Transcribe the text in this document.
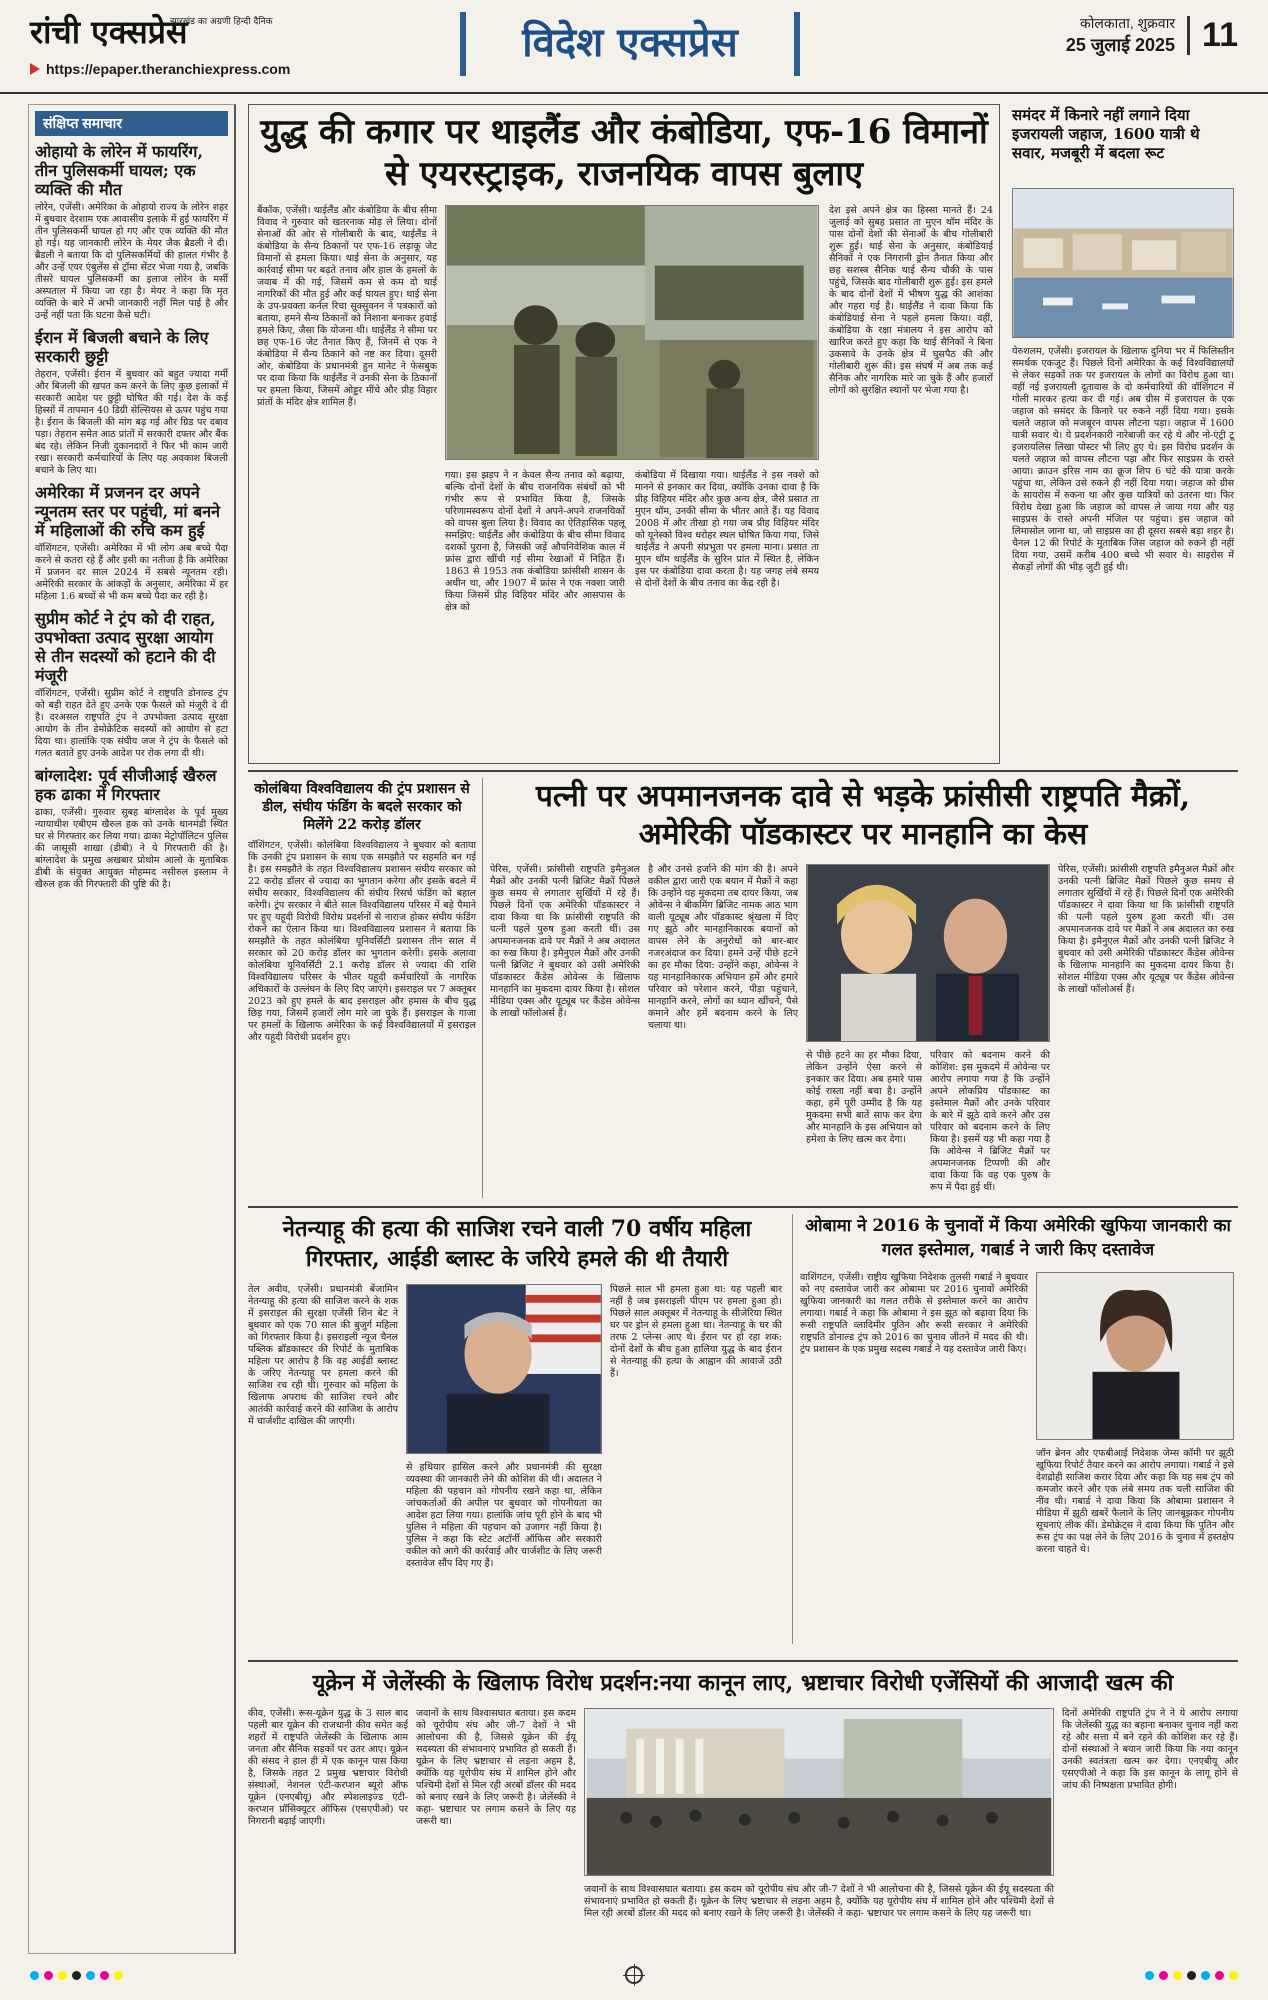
रांची एक्सप्रेस
झारखंड का अग्रणी हिन्दी दैनिक
https://epaper.theranchiexpress.com
विदेश एक्सप्रेस	कोलकाता, शुक्रवार
25 जुलाई 2025 11
संक्षिप्त समाचार
ओहायो के लोरेन में फायरिंग, तीन पुलिसकर्मी घायल; एक व्यक्ति की मौत
लोरेन, एजेंसी। अमेरिका के ओहायो राज्य के लोरेन शहर में बुधवार देरशाम एक आवासीय इलाके में हुई फायरिंग में तीन पुलिसकर्मी घायल हो गए और एक व्यक्ति की मौत हो गई। यह जानकारी लोरेन के मेयर जैक ब्रैडली ने दी। ब्रैडली ने बताया कि दो पुलिसकर्मियों की हालत गंभीर है और उन्हें एयर एंबुलेंस से ट्रॉमा सेंटर भेजा गया है, जबकि तीसरे घायल पुलिसकर्मी का इलाज लोरेन के मर्सी अस्पताल में किया जा रहा है। मेयर ने कहा कि मृत व्यक्ति के बारे में अभी जानकारी नहीं मिल पाई है और उन्हें नहीं पता कि घटना कैसे घटी।
ईरान में बिजली बचाने के लिए सरकारी छुट्टी
तेहरान, एजेंसी। ईरान में बुधवार को बहुत ज्यादा गर्मी और बिजली की खपत कम करने के लिए कुछ इलाकों में सरकारी आदेश पर छुट्टी घोषित की गई। देश के कई हिस्सों में तापमान 40 डिग्री सेल्सियस से ऊपर पहुंच गया है। ईरान के बिजली की मांग बढ़ गई और ग्रिड पर दबाव पड़ा। तेहरान समेत आठ प्रांतों में सरकारी दफ्तर और बैंक बंद रहे। लेकिन निजी दुकानदारों ने फिर भी काम जारी रखा। सरकारी कर्मचारियों के लिए यह अवकाश बिजली बचाने के लिए था।
अमेरिका में प्रजनन दर अपने न्यूनतम स्तर पर पहुंची, मां बनने में महिलाओं की रुचि कम हुई
वॉशिंगटन, एजेंसी। अमेरिका में भी लोग अब बच्चे पैदा करने से कतरा रहे हैं और इसी का नतीजा है कि अमेरिका में प्रजनन दर साल 2024 में सबसे न्यूनतम रही। अमेरिकी सरकार के आंकड़ों के अनुसार, अमेरिका में हर महिला 1.6 बच्चों से भी कम बच्चे पैदा कर रही है।
सुप्रीम कोर्ट ने ट्रंप को दी राहत, उपभोक्ता उत्पाद सुरक्षा आयोग से तीन सदस्यों को हटाने की दी मंजूरी
वॉशिंगटन, एजेंसी। सुप्रीम कोर्ट ने राष्ट्रपति डोनाल्ड ट्रंप को बड़ी राहत देते हुए उनके एक फैसले को मंजूरी दे दी है। दरअसल राष्ट्रपति ट्रंप ने उपभोक्ता उत्पाद सुरक्षा आयोग के तीन डेमोक्रेटिक सदस्यों को आयोग से हटा दिया था। हालांकि एक संघीय जज ने ट्रंप के फैसले को गलत बताते हुए उनके आदेश पर रोक लगा दी थी।
बांग्लादेश: पूर्व सीजीआई खैरुल हक ढाका में गिरफ्तार
ढाका, एजेंसी। गुरुवार सुबह बांग्लादेश के पूर्व मुख्य न्यायाधीश एबीएम खैरुल हक को उनके धानमंडी स्थित घर से गिरफ्तार कर लिया गया। ढाका मेट्रोपॉलिटन पुलिस की जासूसी शाखा (डीबी) ने ये गिरफ्तारी की है। बांग्लादेश के प्रमुख अखबार प्रोथोम आलो के मुताबिक डीबी के संयुक्त आयुक्त मोहम्मद नसीरुल इस्लाम ने खैरुल हक की गिरफ्तारी की पुष्टि की है।
युद्ध की कगार पर थाइलैंड और कंबोडिया, एफ-16 विमानों से एयरस्ट्राइक, राजनयिक वापस बुलाए
बैंकॉक, एजेंसी। थाईलैंड और कंबोडिया के बीच सीमा विवाद ने गुरुवार को खतरनाक मोड़ ले लिया। दोनों सेनाओं की ओर से गोलीबारी के बाद, थाईलैंड ने कंबोडिया के सैन्य ठिकानों पर एफ-16 लड़ाकू जेट विमानों से हमला किया। थाई सेना के अनुसार, यह कार्रवाई सीमा पर बढ़ते तनाव और हाल के हमलों के जवाब में की गई, जिसमें कम से कम दो थाई नागरिकों की मौत हुई और कई घायल हुए। थाई सेना के उप-प्रवक्ता कर्नल रिचा सुक्सुवनन ने पत्रकारों को बताया, हमने सैन्य ठिकानों को निशाना बनाकर हवाई हमले किए, जैसा कि योजना थी। थाईलैंड ने सीमा पर छह एफ-16 जेट तैनात किए हैं, जिनमें से एक ने कंबोडिया में सैन्य ठिकाने को नष्ट कर दिया। दूसरी ओर, कंबोडिया के प्रधानमंत्री हुन मानेट ने फेसबुक पर दावा किया कि थाईलैंड ने उनकी सेना के ठिकानों पर हमला किया, जिसमें ओड्डर मींचे और प्रीह विहार प्रांतों के मंदिर क्षेत्र शामिल हैं।
गया। इस झड़प ने न केवल सैन्य तनाव को बढ़ाया, बल्कि दोनों देशों के बीच राजनयिक संबंधों को भी गंभीर रूप से प्रभावित किया है, जिसके परिणामस्वरूप दोनों देशों ने अपने-अपने राजनयिकों को वापस बुला लिया है। विवाद का ऐतिहासिक पहलू समझिए: थाईलैंड और कंबोडिया के बीच सीमा विवाद दशकों पुराना है, जिसकी जड़ें औपनिवेशिक काल में फ्रांस द्वारा खींची गई सीमा रेखाओं में निहित हैं। 1863 से 1953 तक कंबोडिया फ्रांसीसी शासन के अधीन था, और 1907 में फ्रांस ने एक नक्शा जारी किया जिसमें प्रीह विहियर मंदिर और आसपास के क्षेत्र को
कंबोडिया में दिखाया गया। थाईलैंड ने इस नक्शे को मानने से इनकार कर दिया, क्योंकि उनका दावा है कि प्रीह विहियर मंदिर और कुछ अन्य क्षेत्र, जैसे प्रसात ता मुएन थॉम, उनकी सीमा के भीतर आते हैं। यह विवाद 2008 में और तीखा हो गया जब प्रीह विहियर मंदिर को यूनेस्को विश्व धरोहर स्थल घोषित किया गया, जिसे थाईलैंड ने अपनी संप्रभुता पर हमला माना। प्रसात ता मुएन थॉम थाईलैंड के सुरिन प्रांत में स्थित है, लेकिन इस पर कंबोडिया दावा करता है। यह जगह लंबे समय से दोनों देशों के बीच तनाव का केंद्र रही है।
देश इसे अपने क्षेत्र का हिस्सा मानते हैं। 24 जुलाई को सुबह प्रसात ता मुएन थॉम मंदिर के पास दोनों देशों की सेनाओं के बीच गोलीबारी शुरू हुई। थाई सेना के अनुसार, कंबोडियाई सैनिकों ने एक निगरानी ड्रोन तैनात किया और छह सशस्त्र सैनिक थाई सैन्य चौकी के पास पहुंचे, जिसके बाद गोलीबारी शुरू हुई। इस हमले के बाद दोनों देशों में भीषण युद्ध की आशंका और गहरा गई है। थाईलैंड ने दावा किया कि कंबोडियाई सेना ने पहले हमला किया। वहीं, कंबोडिया के रक्षा मंत्रालय ने इस आरोप को खारिज करते हुए कहा कि थाई सैनिकों ने बिना उकसावे के उनके क्षेत्र में घुसपैठ की और गोलीबारी शुरू की। इस संघर्ष में अब तक कई सैनिक और नागरिक मारे जा चुके हैं और हजारों लोगों को सुरक्षित स्थानों पर भेजा गया है।
समंदर में किनारे नहीं लगाने दिया इजरायली जहाज, 1600 यात्री थे सवार, मजबूरी में बदला रूट
येरुशलम, एजेंसी। इजरायल के खिलाफ दुनिया भर में फिलिस्तीन समर्थक एकजुट हैं। पिछले दिनों अमेरिका के कई विश्वविद्यालयों से लेकर सड़कों तक पर इजरायल के लोगों का विरोध हुआ था। वहीं नई इजरायली दूतावास के दो कर्मचारियों की वॉशिंगटन में गोली मारकर हत्या कर दी गई। अब ग्रीस में इजरायल के एक जहाज को समंदर के किनारे पर रुकने नहीं दिया गया। इसके चलते जहाज को मजबूरन वापस लौटना पड़ा। जहाज में 1600 यात्री सवार थे। ये प्रदर्शनकारी नारेबाजी कर रहे थे और नो-एंट्री टू इजरायलिस लिखा पोस्टर भी लिए हुए थे। इस विरोध प्रदर्शन के चलते जहाज को वापस लौटना पड़ा और फिर साइप्रस के रास्ते आया। क्राउन इरिस नाम का क्रूज शिप 6 घंटे की यात्रा करके पहुंचा था, लेकिन उसे रुकने ही नहीं दिया गया। जहाज को ग्रीस के सायरोस में रुकना था और कुछ यात्रियों को उतरना था। फिर विरोध देखा हुआ कि जहाज को वापस ले जाया गया और यह साइप्रस के रास्ते अपनी मंजिल पर पहुंचा। इस जहाज को लिमासोल जाना था, जो साइप्रस का ही दूसरा सबसे बड़ा शहर है। चैनल 12 की रिपोर्ट के मुताबिक जिस जहाज को रुकने ही नहीं दिया गया, उसमें करीब 400 बच्चे भी सवार थे। साइरोस में सैकड़ों लोगों की भीड़ जुटी हुई थी।
कोलंबिया विश्वविद्यालय की ट्रंप प्रशासन से डील, संघीय फंडिंग के बदले सरकार को मिलेंगे 22 करोड़ डॉलर
वॉशिंगटन, एजेंसी। कोलंबिया विश्वविद्यालय ने बुधवार को बताया कि उनकी ट्रंप प्रशासन के साथ एक समझौते पर सहमति बन गई है। इस समझौते के तहत विश्वविद्यालय प्रशासन संघीय सरकार को 22 करोड़ डॉलर से ज्यादा का भुगतान करेगा और इसके बदले में संघीय सरकार, विश्वविद्यालय की संघीय रिसर्च फंडिंग को बहाल करेगी। ट्रंप सरकार ने बीते साल विश्वविद्यालय परिसर में बड़े पैमाने पर हुए यहूदी विरोधी विरोध प्रदर्शनों से नाराज होकर संघीय फंडिंग रोकने का ऐलान किया था। विश्वविद्यालय प्रशासन ने बताया कि समझौते के तहत कोलंबिया यूनिवर्सिटी प्रशासन तीन साल में सरकार को 20 करोड़ डॉलर का भुगतान करेगी। इसके अलावा कोलंबिया यूनिवर्सिटी 2.1 करोड़ डॉलर से ज्यादा की राशि विश्वविद्यालय परिसर के भीतर यहूदी कर्मचारियों के नागरिक अधिकारों के उल्लंघन के लिए दिए जाएंगे। इसराइल पर 7 अक्तूबर 2023 को हुए हमले के बाद इसराइल और हमास के बीच युद्ध छिड़ गया, जिसमें हजारों लोग मारे जा चुके हैं। इसराइल के गाजा पर हमलों के खिलाफ अमेरिका के कई विश्वविद्यालयों में इसराइल और यहूदी विरोधी प्रदर्शन हुए।
पत्नी पर अपमानजनक दावे से भड़के फ्रांसीसी राष्ट्रपति मैक्रों, अमेरिकी पॉडकास्टर पर मानहानि का केस
पेरिस, एजेंसी। फ्रांसीसी राष्ट्रपति इमैनुअल मैक्रों और उनकी पत्नी ब्रिजिट मैक्रों पिछले कुछ समय से लगातार सुर्खियों में रहे हैं। पिछले दिनों एक अमेरिकी पॉडकास्टर ने दावा किया था कि फ्रांसीसी राष्ट्रपति की पत्नी पहले पुरुष हुआ करती थीं। उस अपमानजनक दावे पर मैक्रों ने अब अदालत का रुख किया है। इमैनुएल मैक्रों और उनकी पत्नी ब्रिजिट ने बुधवार को उसी अमेरिकी पॉडकास्टर कैंडेस ओवेन्स के खिलाफ मानहानि का मुकदमा दायर किया है। सोशल मीडिया एक्स और यूट्यूब पर कैंडेस ओवेन्स के लाखों फॉलोअर्स हैं।
है और उनसे हर्जाने की मांग की है। अपने वकील द्वारा जारी एक बयान में मैक्रों ने कहा कि उन्होंने यह मुकदमा तब दायर किया, जब ओवेन्स ने बीकमिंग ब्रिजिट नामक आठ भाग वाली यूट्यूब और पॉडकास्ट श्रृंखला में दिए गए झूठे और मानहानिकारक बयानों को वापस लेने के अनुरोधों को बार-बार नजरअंदाज कर दिया। हमने उन्हें पीछे हटने का हर मौका दिया: उन्होंने कहा, ओवेन्स ने यह मानहानिकारक अभियान हमें और हमारे परिवार को परेशान करने, पीड़ा पहुंचाने, मानहानि करने, लोगों का ध्यान खींचने, पैसे कमाने और हमें बदनाम करने के लिए चलाया था।
से पीछे हटने का हर मौका दिया, लेकिन उन्होंने ऐसा करने से इनकार कर दिया। अब हमारे पास कोई रास्ता नहीं बचा है। उन्होंने कहा, हमें पूरी उम्मीद है कि यह मुकदमा सभी बातें साफ कर देगा और मानहानि के इस अभियान को हमेशा के लिए खत्म कर देगा।
परिवार को बदनाम करने की कोशिश: इस मुकदमे में ओवेन्स पर आरोप लगाया गया है कि उन्होंने अपने लोकप्रिय पॉडकास्ट का इस्तेमाल मैक्रों और उनके परिवार के बारे में झूठे दावे करने और उस परिवार को बदनाम करने के लिए किया है। इसमें यह भी कहा गया है कि ओवेन्स ने ब्रिजिट मैक्रों पर अपमानजनक टिप्पणी की और दावा किया कि वह एक पुरुष के रूप में पैदा हुई थीं।
पेरिस, एजेंसी। फ्रांसीसी राष्ट्रपति इमैनुअल मैक्रों और उनकी पत्नी ब्रिजिट मैक्रों पिछले कुछ समय से लगातार सुर्खियों में रहे हैं। पिछले दिनों एक अमेरिकी पॉडकास्टर ने दावा किया था कि फ्रांसीसी राष्ट्रपति की पत्नी पहले पुरुष हुआ करती थीं। उस अपमानजनक दावे पर मैक्रों ने अब अदालत का रुख किया है। इमैनुएल मैक्रों और उनकी पत्नी ब्रिजिट ने बुधवार को उसी अमेरिकी पॉडकास्टर कैंडेस ओवेन्स के खिलाफ मानहानि का मुकदमा दायर किया है। सोशल मीडिया एक्स और यूट्यूब पर कैंडेस ओवेन्स के लाखों फॉलोअर्स हैं।
नेतन्याहू की हत्या की साजिश रचने वाली 70 वर्षीय महिला गिरफ्तार, आईडी ब्लास्ट के जरिये हमले की थी तैयारी
तेल अवीव, एजेंसी। प्रधानमंत्री बेंजामिन नेतन्याहू की हत्या की साजिश करने के शक में इसराइल की सुरक्षा एजेंसी शिन बेट ने बुधवार को एक 70 साल की बुजुर्ग महिला को गिरफ्तार किया है। इसराइली न्यूज चैनल पब्लिक ब्रॉडकास्टर की रिपोर्ट के मुताबिक महिला पर आरोप है कि वह आईडी ब्लास्ट के जरिए नेतन्याहू पर हमला करने की साजिश रच रही थी। गुरुवार को महिला के खिलाफ अपराध की साजिश रचने और आतंकी कार्रवाई करने की साजिश के आरोप में चार्जशीट दाखिल की जाएगी।
से हथियार हासिल करने और प्रधानमंत्री की सुरक्षा व्यवस्था की जानकारी लेने की कोशिश की थी। अदालत ने महिला की पहचान को गोपनीय रखने कहा था, लेकिन जांचकर्ताओं की अपील पर बुधवार को गोपनीयता का आदेश हटा लिया गया। हालांकि जांच पूरी होने के बाद भी पुलिस ने महिला की पहचान को उजागर नहीं किया है। पुलिस ने कहा कि स्टेट अटॉर्नी ऑफिस और सरकारी वकील को आगे की कार्रवाई और चार्जशीट के लिए जरूरी दस्तावेज सौंप दिए गए हैं।
पिछले साल भी हमला हुआ था: यह पहली बार नहीं है जब इसराइली पीएम पर हमला हुआ हो। पिछले साल अक्तूबर में नेतन्याहू के सीजेरिया स्थित घर पर ड्रोन से हमला हुआ था। नेतन्याहू के घर की तरफ 2 प्लेन्स आए थे। ईरान पर हो रहा शक: दोनों देशों के बीच हुआ हालिया युद्ध के बाद ईरान से नेतन्याहू की हत्या के आह्वान की आवाजें उठी हैं।
ओबामा ने 2016 के चुनावों में किया अमेरिकी खुफिया जानकारी का गलत इस्तेमाल, गबार्ड ने जारी किए दस्तावेज
वाशिंगटन, एजेंसी। राष्ट्रीय खुफिया निदेशक तुलसी गबार्ड ने बुधवार को नए दस्तावेज जारी कर ओबामा पर 2016 चुनावों अमेरिकी खुफिया जानकारी का गलत तरीके से इस्तेमाल करने का आरोप लगाया। गबार्ड ने कहा कि ओबामा ने इस झूठ को बढ़ावा दिया कि रूसी राष्ट्रपति व्लादिमीर पुतिन और रूसी सरकार ने अमेरिकी राष्ट्रपति डोनाल्ड ट्रंप को 2016 का चुनाव जीतने में मदद की थी। ट्रंप प्रशासन के एक प्रमुख सदस्य गबार्ड ने यह दस्तावेज जारी किए।
जॉन ब्रेनन और एफबीआई निदेशक जेम्स कॉमी पर झूठी खुफिया रिपोर्ट तैयार करने का आरोप लगाया। गबार्ड ने इसे देशद्रोही साजिश करार दिया और कहा कि यह सब ट्रंप को कमजोर करने और एक लंबे समय तक चली साजिश की नींव थी। गबार्ड ने दावा किया कि ओबामा प्रशासन ने मीडिया में झूठी खबरें फैलाने के लिए जानबूझकर गोपनीय सूचनाएं लीक कीं। डेमोक्रेट्स ने दावा किया कि पुतिन और रूस ट्रंप का पक्ष लेने के लिए 2016 के चुनाव में हस्तक्षेप करना चाहते थे।
यूक्रेन में जेलेंस्की के खिलाफ विरोध प्रदर्शन:नया कानून लाए, भ्रष्टाचार विरोधी एजेंसियों की आजादी खत्म की
कीव, एजेंसी। रूस-यूक्रेन युद्ध के 3 साल बाद पहली बार यूक्रेन की राजधानी कीव समेत कई शहरों में राष्ट्रपति जेलेंस्की के खिलाफ आम जनता और सैनिक सड़कों पर उतर आए। यूक्रेन की संसद ने हाल ही में एक कानून पास किया है, जिसके तहत 2 प्रमुख भ्रष्टाचार विरोधी संस्थाओं, नेशनल एंटी-करप्शन ब्यूरो ऑफ यूक्रेन (एनएबीयू) और स्पेशलाइज्ड एंटी-करप्शन प्रॉसिक्यूटर ऑफिस (एसएपीओ) पर निगरानी बढ़ाई जाएगी।
जवानों के साथ विश्वासघात बताया। इस कदम को यूरोपीय संघ और जी-7 देशों ने भी आलोचना की है, जिससे यूक्रेन की ईयू सदस्यता की संभावनाएं प्रभावित हो सकती हैं। यूक्रेन के लिए भ्रष्टाचार से लड़ना अहम है, क्योंकि यह यूरोपीय संघ में शामिल होने और पश्चिमी देशों से मिल रही अरबों डॉलर की मदद को बनाए रखने के लिए जरूरी है। जेलेंस्की ने कहा- भ्रष्टाचार पर लगाम कसने के लिए यह जरूरी था।
जवानों के साथ विश्वासघात बताया। इस कदम को यूरोपीय संघ और जी-7 देशों ने भी आलोचना की है, जिससे यूक्रेन की ईयू सदस्यता की संभावनाएं प्रभावित हो सकती हैं। यूक्रेन के लिए भ्रष्टाचार से लड़ना अहम है, क्योंकि यह यूरोपीय संघ में शामिल होने और पश्चिमी देशों से मिल रही अरबों डॉलर की मदद को बनाए रखने के लिए जरूरी है। जेलेंस्की ने कहा- भ्रष्टाचार पर लगाम कसने के लिए यह जरूरी था।
दिनों अमेरिकी राष्ट्रपति ट्रंप ने ने ये आरोप लगाया कि जेलेंस्की युद्ध का बहाना बनाकर चुनाव नहीं करा रहे और सत्ता में बने रहने की कोशिश कर रहे हैं। दोनों संस्थाओं ने बयान जारी किया कि नया कानून उनकी स्वतंत्रता खत्म कर देगा। एनएबीयू और एसएपीओ ने कहा कि इस कानून के लागू होने से जांच की निष्पक्षता प्रभावित होगी।
